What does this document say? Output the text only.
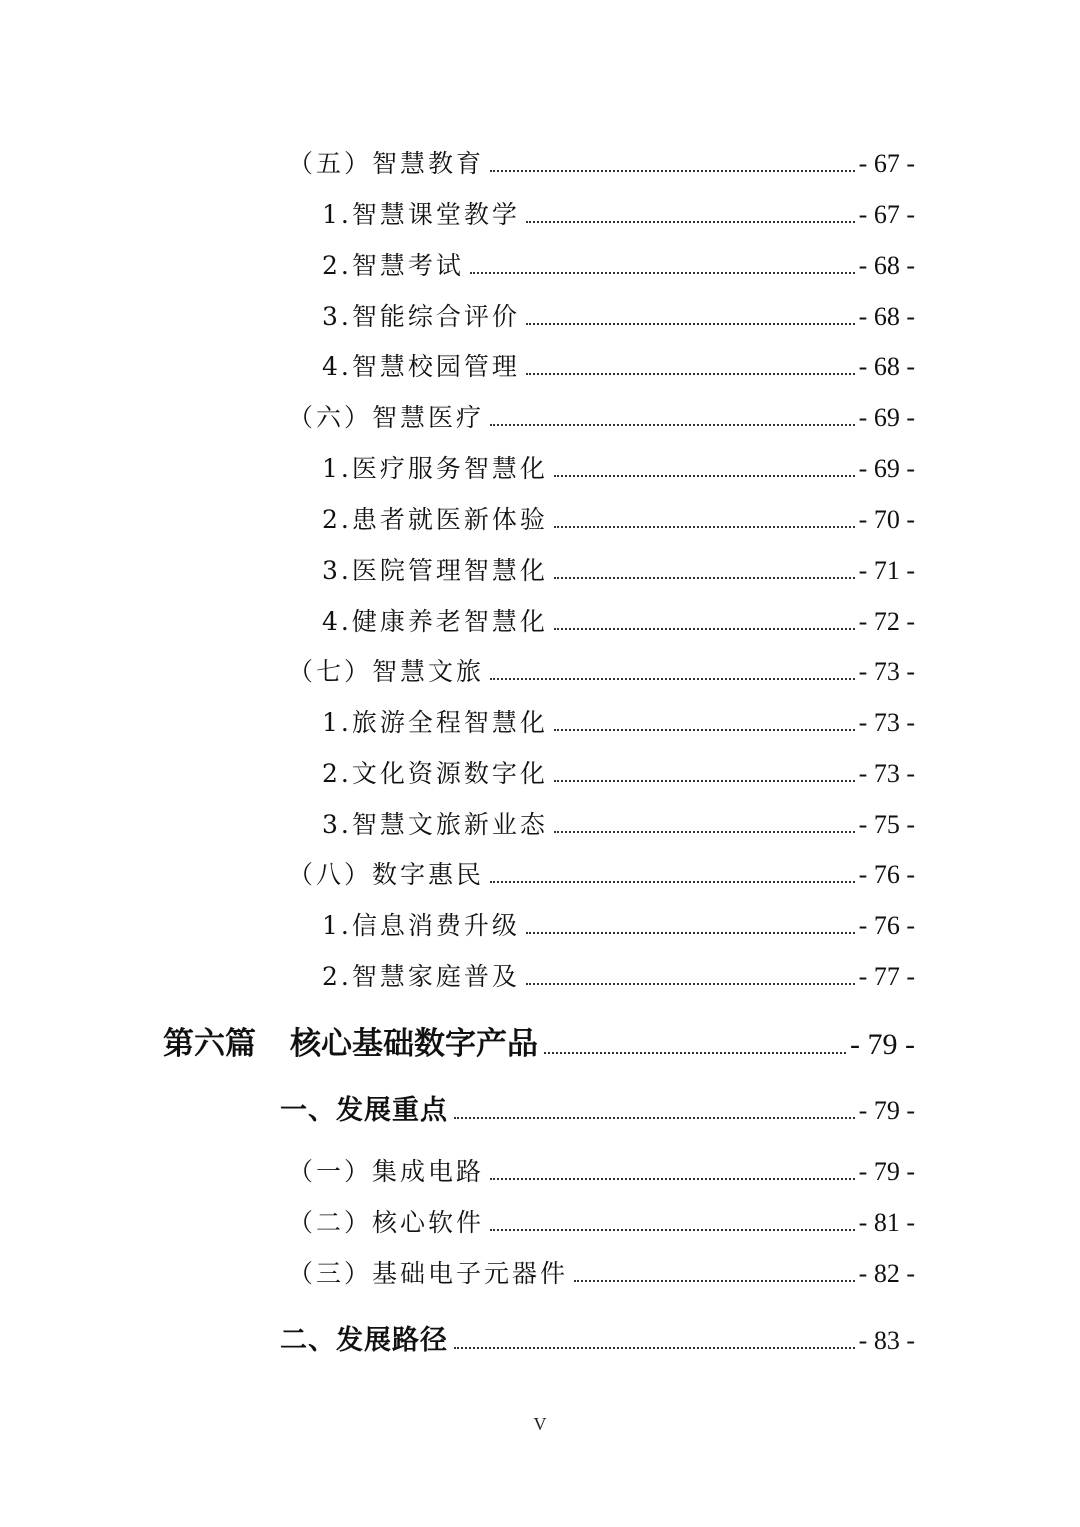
（五）智慧教育	- 67 -
1.智慧课堂教学	- 67 -
2.智慧考试	- 68 -
3.智能综合评价	- 68 -
4.智慧校园管理	- 68 -
（六）智慧医疗	- 69 -
1.医疗服务智慧化	- 69 -
2.患者就医新体验	- 70 -
3.医院管理智慧化	- 71 -
4.健康养老智慧化	- 72 -
（七）智慧文旅	- 73 -
1.旅游全程智慧化	- 73 -
2.文化资源数字化	- 73 -
3.智慧文旅新业态	- 75 -
（八）数字惠民	- 76 -
1.信息消费升级	- 76 -
2.智慧家庭普及	- 77 -
第六篇 核心基础数字产品	- 79 -
一、发展重点	- 79 -
（一）集成电路	- 79 -
（二）核心软件	- 81 -
（三）基础电子元器件	- 82 -
二、发展路径	- 83 -
V
